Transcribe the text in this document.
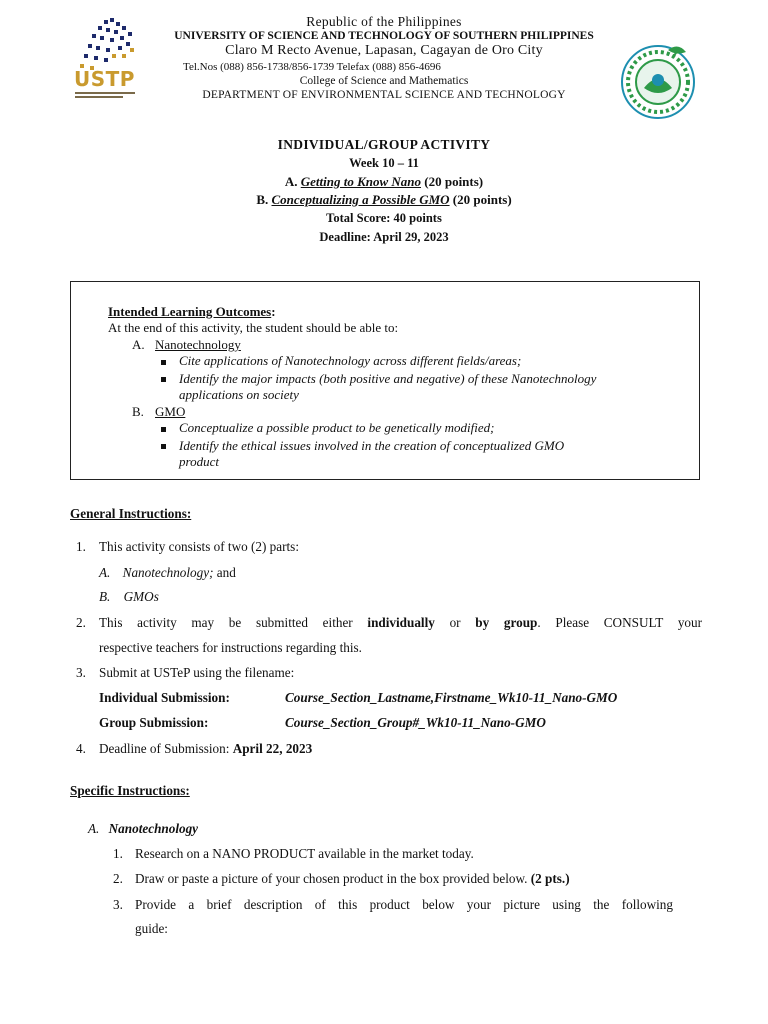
USTP
Republic of the Philippines
UNIVERSITY OF SCIENCE AND TECHNOLOGY OF SOUTHERN PHILIPPINES
Claro M Recto Avenue, Lapasan, Cagayan de Oro City
Tel.Nos (088) 856-1738/856-1739 Telefax (088) 856-4696
College of Science and Mathematics
DEPARTMENT OF ENVIRONMENTAL SCIENCE AND TECHNOLOGY
INDIVIDUAL/GROUP ACTIVITY
Week 10 – 11
A. Getting to Know Nano (20 points)
B. Conceptualizing a Possible GMO (20 points)
Total Score: 40 points
Deadline: April 29, 2023
Intended Learning Outcomes:
At the end of this activity, the student should be able to:
A. Nanotechnology
Cite applications of Nanotechnology across different fields/areas;
Identify the major impacts (both positive and negative) of these Nanotechnology
applications on society
B. GMO
Conceptualize a possible product to be genetically modified;
Identify the ethical issues involved in the creation of conceptualized GMO
product
General Instructions:
1. This activity consists of two (2) parts:
A. Nanotechnology; and
B. GMOs
2. This activity may be submitted either individually or by group. Please CONSULT your
respective teachers for instructions regarding this.
3. Submit at USTeP using the filename:
Individual Submission:	Course_Section_Lastname,Firstname_Wk10-11_Nano-GMO
Group Submission:	Course_Section_Group#_Wk10-11_Nano-GMO
4. Deadline of Submission: April 22, 2023
Specific Instructions:
A. Nanotechnology
1. Research on a NANO PRODUCT available in the market today.
2. Draw or paste a picture of your chosen product in the box provided below. (2 pts.)
3. Provide a brief description of this product below your picture using the following
guide:
